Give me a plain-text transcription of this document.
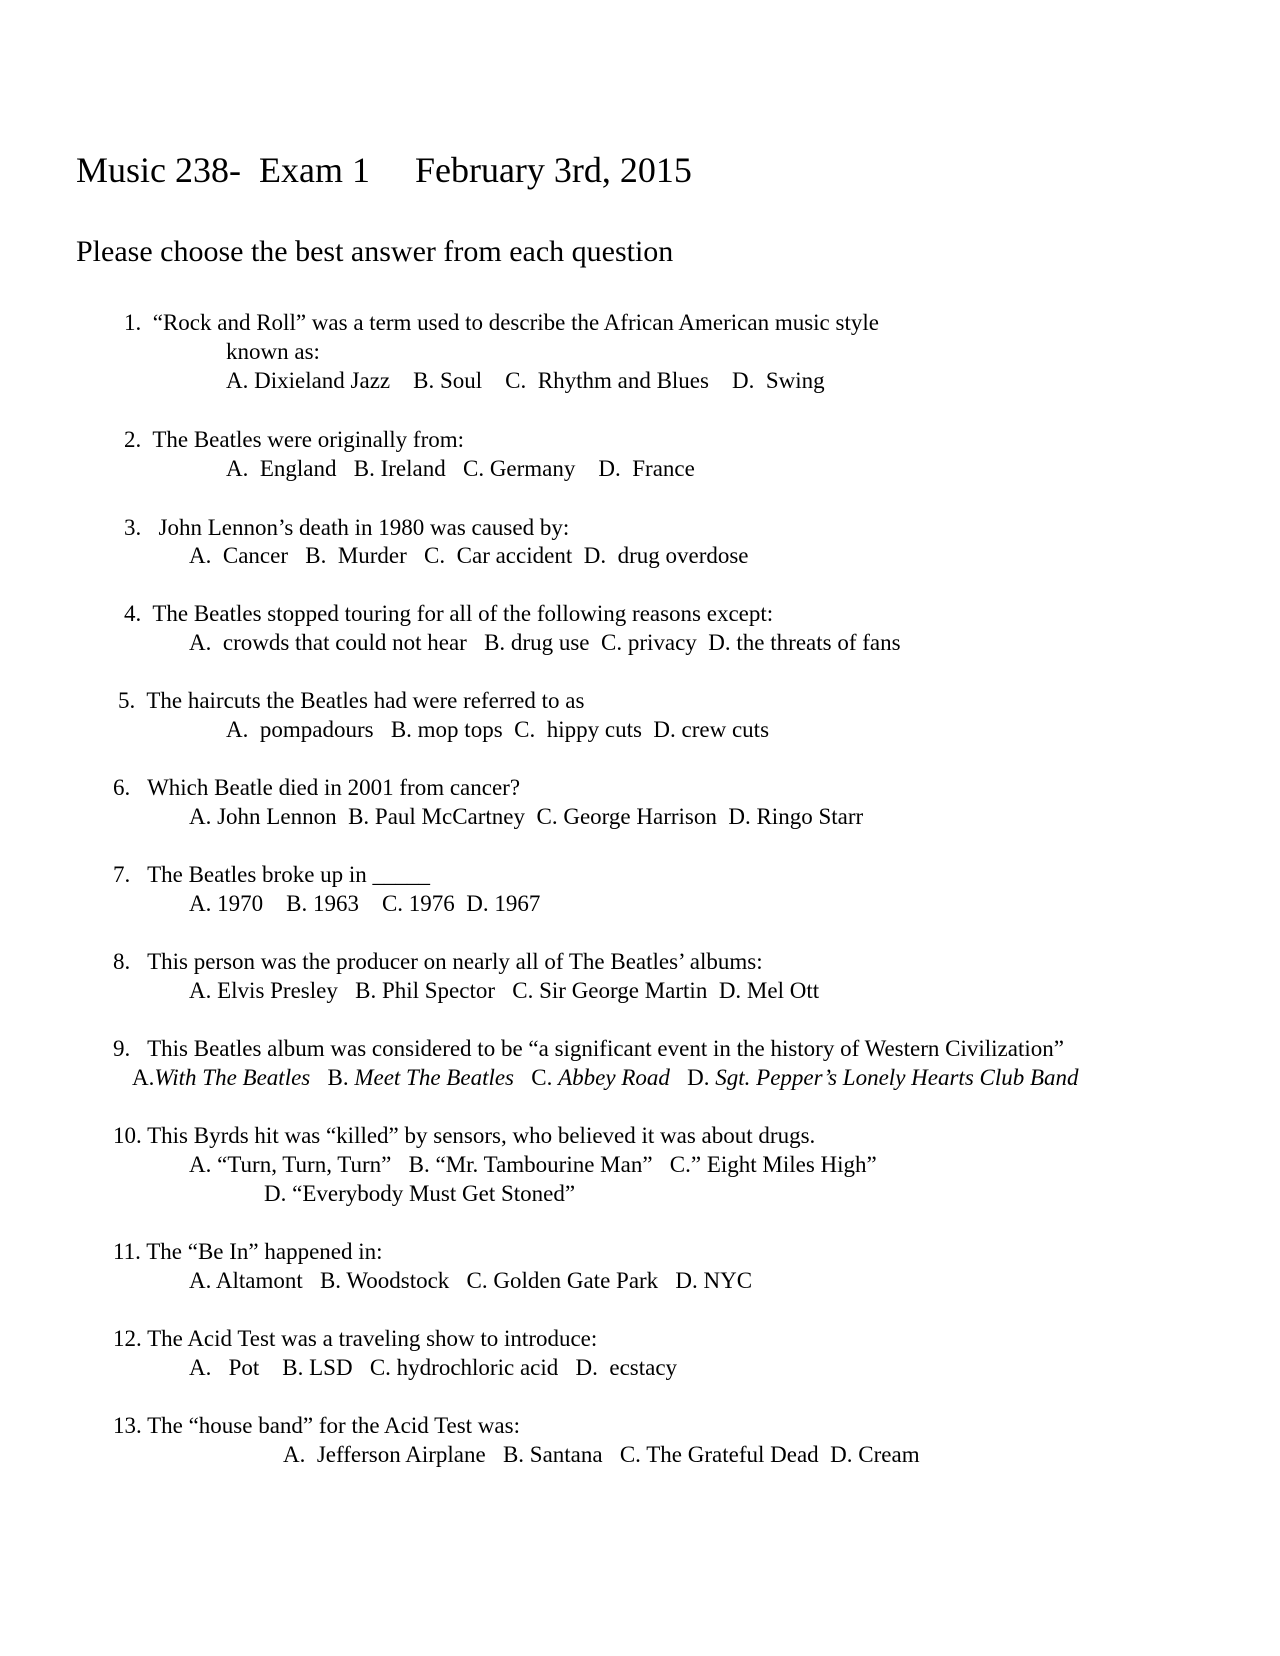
Music 238-  Exam 1     February 3rd, 2015
Please choose the best answer from each question
1.  “Rock and Roll” was a term used to describe the African American music style
known as:
A. Dixieland Jazz    B. Soul    C.  Rhythm and Blues    D.  Swing
2.  The Beatles were originally from:
A.  England   B. Ireland   C. Germany    D.  France
3.   John Lennon’s death in 1980 was caused by:
A.  Cancer   B.  Murder   C.  Car accident  D.  drug overdose
4.  The Beatles stopped touring for all of the following reasons except:
A.  crowds that could not hear   B. drug use  C. privacy  D. the threats of fans
5.  The haircuts the Beatles had were referred to as
A.  pompadours   B. mop tops  C.  hippy cuts  D. crew cuts
6.   Which Beatle died in 2001 from cancer?
A. John Lennon  B. Paul McCartney  C. George Harrison  D. Ringo Starr
7.   The Beatles broke up in _____
A. 1970    B. 1963    C. 1976  D. 1967
8.   This person was the producer on nearly all of The Beatles’ albums:
A. Elvis Presley   B. Phil Spector   C. Sir George Martin  D. Mel Ott
9.   This Beatles album was considered to be “a significant event in the history of Western Civilization”
A.With The Beatles B. Meet The Beatles C. Abbey Road D. Sgt. Pepper’s Lonely Hearts Club Band
10. This Byrds hit was “killed” by sensors, who believed it was about drugs.
A. “Turn, Turn, Turn”   B. “Mr. Tambourine Man”   C.” Eight Miles High”
D. “Everybody Must Get Stoned”
11. The “Be In” happened in:
A. Altamont   B. Woodstock   C. Golden Gate Park   D. NYC
12. The Acid Test was a traveling show to introduce:
A.   Pot    B. LSD   C. hydrochloric acid   D.  ecstacy
13. The “house band” for the Acid Test was:
A.  Jefferson Airplane   B. Santana   C. The Grateful Dead  D. Cream
